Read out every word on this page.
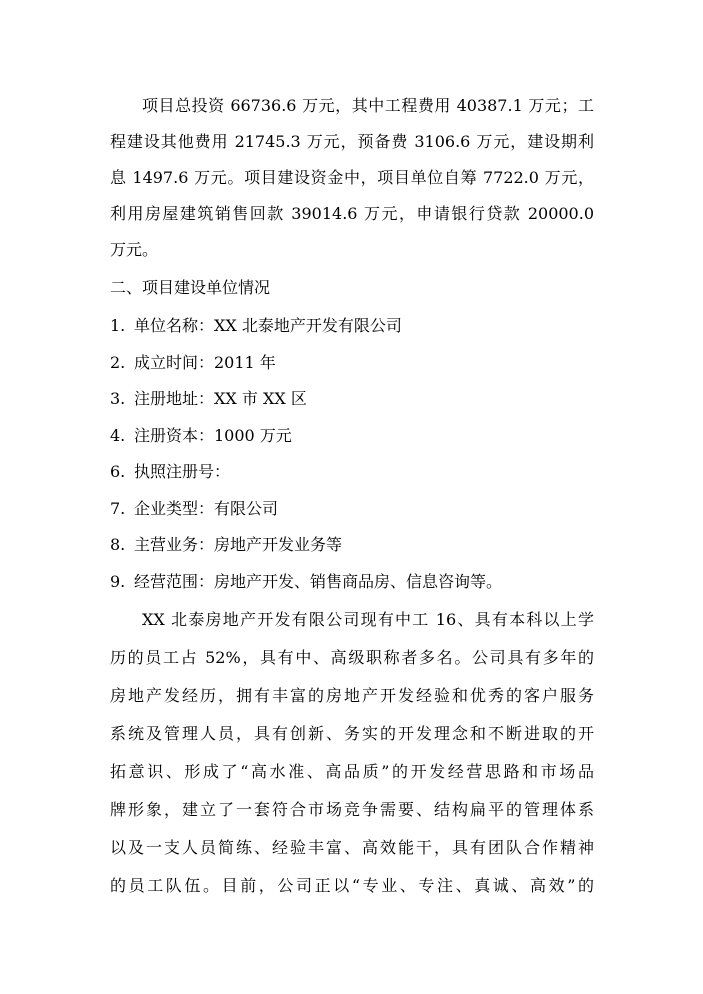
项目总投资 66736.6 万元，其中工程费用 40387.1 万元；工
程建设其他费用 21745.3 万元，预备费 3106.6 万元，建设期利
息 1497.6 万元。项目建设资金中，项目单位自筹 7722.0 万元，
利用房屋建筑销售回款 39014.6 万元，申请银行贷款 20000.0
万元。
二、项目建设单位情况
1. 单位名称：XX 北泰地产开发有限公司
2. 成立时间：2011 年
3. 注册地址：XX 市 XX 区
4. 注册资本：1000 万元
6. 执照注册号：
7. 企业类型：有限公司
8. 主营业务：房地产开发业务等
9. 经营范围：房地产开发、销售商品房、信息咨询等。
XX 北泰房地产开发有限公司现有中工 16、具有本科以上学
历的员工占 52%，具有中、高级职称者多名。公司具有多年的
房地产发经历，拥有丰富的房地产开发经验和优秀的客户服务
系统及管理人员，具有创新、务实的开发理念和不断进取的开
拓意识、形成了“高水准、高品质”的开发经营思路和市场品
牌形象，建立了一套符合市场竞争需要、结构扁平的管理体系
以及一支人员简练、经验丰富、高效能干，具有团队合作精神
的员工队伍。目前，公司正以“专业、专注、真诚、高效”的
